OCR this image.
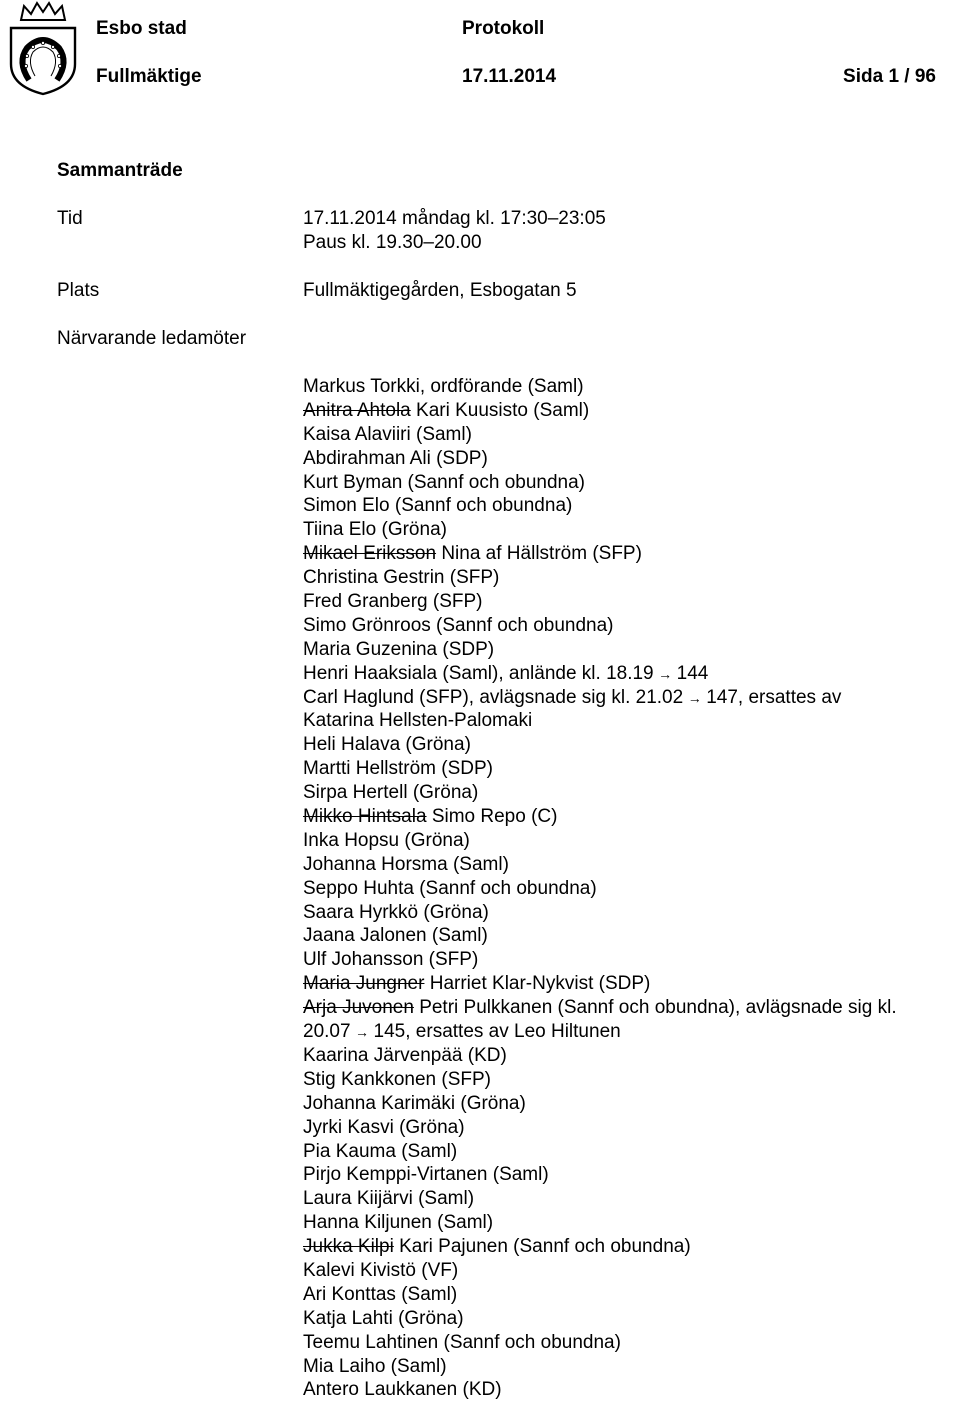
Esbo stad	Protokoll
Fullmäktige	17.11.2014	Sida 1 / 96
Sammanträde
Tid	17.11.2014 måndag kl. 17:30–23:05
Paus kl. 19.30–20.00
Plats	Fullmäktigegården, Esbogatan 5
Närvarande ledamöter
Markus Torkki, ordförande (Saml)
Anitra Ahtola Kari Kuusisto (Saml)
Kaisa Alaviiri (Saml)
Abdirahman Ali (SDP)
Kurt Byman (Sannf och obundna)
Simon Elo (Sannf och obundna)
Tiina Elo (Gröna)
Mikael Eriksson Nina af Hällström (SFP)
Christina Gestrin (SFP)
Fred Granberg (SFP)
Simo Grönroos (Sannf och obundna)
Maria Guzenina (SDP)
Henri Haaksiala (Saml), anlände kl. 18.19 → 144
Carl Haglund (SFP), avlägsnade sig kl. 21.02 → 147, ersattes av
Katarina Hellsten-Palomaki
Heli Halava (Gröna)
Martti Hellström (SDP)
Sirpa Hertell (Gröna)
Mikko Hintsala Simo Repo (C)
Inka Hopsu (Gröna)
Johanna Horsma (Saml)
Seppo Huhta (Sannf och obundna)
Saara Hyrkkö (Gröna)
Jaana Jalonen (Saml)
Ulf Johansson (SFP)
Maria Jungner Harriet Klar-Nykvist (SDP)
Arja Juvonen Petri Pulkkanen (Sannf och obundna), avlägsnade sig kl.
20.07 → 145, ersattes av Leo Hiltunen
Kaarina Järvenpää (KD)
Stig Kankkonen (SFP)
Johanna Karimäki (Gröna)
Jyrki Kasvi (Gröna)
Pia Kauma (Saml)
Pirjo Kemppi-Virtanen (Saml)
Laura Kiijärvi (Saml)
Hanna Kiljunen (Saml)
Jukka Kilpi Kari Pajunen (Sannf och obundna)
Kalevi Kivistö (VF)
Ari Konttas (Saml)
Katja Lahti (Gröna)
Teemu Lahtinen (Sannf och obundna)
Mia Laiho (Saml)
Antero Laukkanen (KD)
